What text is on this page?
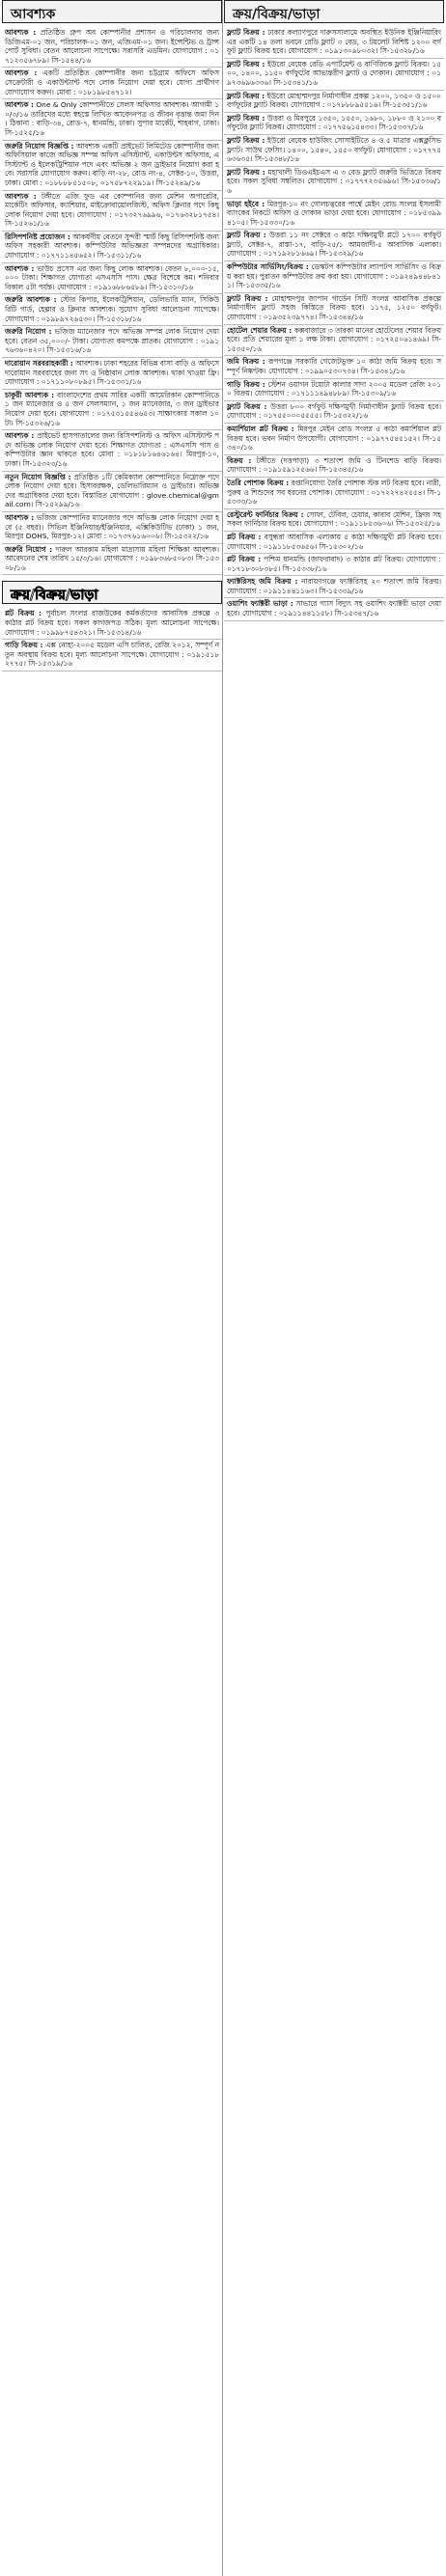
আবশ্যক
আবশ্যক : প্রতিষ্ঠিত গ্রুপ অব কোম্পানীর প্রশাসন ও পরিচালনার জন্য ডিজিএম-০১ জন, পরিচালক-০১ জন, এজিএম-০১ জন। ইন্সেন্টিভ ও ট্রান্সপোর্ট সুবিধা। বেতন আলোচনা সাপেক্ষে। সরাসরি এডমিন। যোগাযোগ : ০১৭১২৩৫৬৭৮৯। সি-১৫৪৪/১৬
আবশ্যক : একটি প্রতিষ্ঠিত কোম্পানীর জন্য চট্টগ্রাম অফিসে অফিস সেক্রেটারী ও একাউন্ট্যান্ট পদে লোক নিয়োগ দেয়া হবে। যোগ্য প্রার্থীগণ যোগাযোগ করুন। মোবা : ০১৮১৯৮৫৪৭১২।
আবশ্যক : One & Only কোম্পানীতে সেলস অফিসার আবশ্যক। আগামী ১০/৩/১৬ তারিখের মধ্যে স্বহস্তে লিখিত আবেদনপত্র ও জীবন বৃত্তান্ত জমা দিন। ঠিকানা : বাড়ি-৩৪, রোড-৭, ধানমন্ডি, ঢাকা। সুপার মার্কেট, শাহবাগ, ঢাকা। সি-১৫২৫/১৬
জরুরি নিয়োগ বিজ্ঞপ্তি : আবশ্যক একটি প্রাইভেট লিমিটেড কোম্পানীর জন্য অফিসিয়াল কাজে অভিজ্ঞ সম্পন্ন অফিস এসিস্ট্যান্ট, একাউন্টস অফিসার, এসিস্ট্যান্ট ও ইলেকট্রিশিয়ান পদে এবং অভিজ্ঞ ২ জন ড্রাইভার নিয়োগ করা হবে। সরাসরি যোগাযোগ করুন। বাড়ি নং-২৮, রোড নং-৪, সেক্টর-১০, উত্তরা, ঢাকা। মোবা : ০১৮৮৮৮৫১৫০৮, ০১৭৫৮৭২২৯১৯। সি-১৫২৪৯/১৬
আবশ্যক : টঙ্গীতে এজি ফুড এর কোম্পানির জন্য মেশিন অপারেটর, মার্কেটিং অফিসার, ক্যাশিয়ার, মাইক্রোবায়োলজিস্ট, অফিস ক্লিনার পদে কিছু লোক নিয়োগ দেয়া হবে। যোগাযোগ : ০১৭৩২৭৬৯৯৬, ০১৭৬৩২৮১৭৫৪। সি-১৫২৬১/১৬
রিসিপশনিষ্ট প্রয়োজন : আকর্ষণীয় বেতনে সুন্দরী স্মার্ট কিছু রিসিপশনিষ্ট জন্য অফিস সহকারী আবশ্যক। কম্পিউটার অভিজ্ঞতা সম্পন্নদের অগ্রাধিকার। যোগাযোগ : ০১৭৭১১৪৫৬৫২। সি-১৫৩১১/১৬
আবশ্যক : ভাউচ প্রসেস এর জন্য কিছু লোক আবশ্যক। বেতন ৮,০০০-১৫,০০০ টাকা। শিক্ষাগত যোগ্যতা এসএসসি পাস। ক্ষেত্র বিশেষে কম। শনিবার বিকাল ৫টা পর্যন্ত। যোগাযোগ : ০১৯১৬৮৮৬৫৮৯। সি-১৫৩১০/১৬
জরুরি আবশ্যক : স্টোর কিপার, ইলেকট্রিশিয়ান, ডেলিভারি ম্যান, সিকিউরিটি গার্ড, হেল্পার ও ক্লিনার আবশ্যক। সুযোগ সুবিধা আলোচনা সাপেক্ষে। যোগাযোগ : ০১৯৮৯৭২৬৫৩০। সি-১৫৩১৮/১৬
জরুরি নিয়োগ : ভজিজ ম্যানেজার পদে অভিজ্ঞ সম্পন্ন লোক নিয়োগ দেয়া হবে। বেতন ৩৫,০০০/- টাকা। যোগ্যতা কমপক্ষে স্নাতক। যোগাযোগ : ০১৯১৭৬৩৬০৪২০। সি-১৫৩১৬/১৬
দারোয়ান সরবরাহকারী : আবশ্যক। ঢাকা শহরের বিভিন্ন বাসা বাড়ি ও অফিসে দারোয়ান সরবরাহের জন্য সৎ ও নিষ্ঠাবান লোক আবশ্যক। থাকা খাওয়া ফ্রি। যোগাযোগ : ০১৭১১০৮০৮৯৫। সি-১৫৩৩১/১৬
চাকুরী আবশ্যক : বাংলাদেশের প্রথম সারির একটি আমেরিকান কোম্পানিতে ১ জন ম্যানেজার ও ৫ জন সেলসম্যান, ১ জন ম্যানেজার, ৩ জন ড্রাইভার নিয়োগ দেয়া হবে। যোগাযোগ : ০১৭৫৩১৫৫৪৬৫৩। সাক্ষাৎকার সকাল ১০টা। সি-১৫৩২৬/১৬
আবশ্যক : প্রাইভেট হাসপাতালের জন্য রিসিপশনিস্ট ও অফিস এসিস্ট্যান্ট পদে অভিজ্ঞ লোক নিয়োগ দেয়া হবে। শিক্ষাগত যোগ্যতা : এসএসসি পাস ও কম্পিউটার জ্ঞান থাকতে হবে। মোবা : ০১৮১৮১৬৪৬১৬৪। মিরপুর-১০, ঢাকা। সি-১৫৩২৩/১৬
নতুন নিয়োগ বিজ্ঞপ্তি : প্রতিষ্ঠিত ১টি কেমিক্যাল কোম্পানিতে নিম্নোক্ত পদে লোক নিয়োগ দেয়া হবে। হিসাবরক্ষক, ডেলিভারিম্যান ও ড্রাইভার। অভিজ্ঞদের অগ্রাধিকার দেয়া হবে। বিস্তারিত যোগাযোগ : glove.chemical@gmail.com। সি-১৫২৯৯/১৬
আবশ্যক : ভজিজ কোম্পানির ম্যানেজার পদে অভিজ্ঞ লোক নিয়োগ দেয়া হবে (৫ বছর)। সিভিল ইঞ্জিনিয়ার/ইঞ্জিনিয়ার, এক্সিকিউটিভ (ঢাকা) ১ জন, মিরপুর DOHS, মিরপুর-১২। মোবা : ০১৭৩৭৬১৬০০৬। সি-১৫৩২২/১৬
জরুরি নিয়োগ : দারুল আরকাম মহিলা মাদ্রাসায় মহিলা শিক্ষিকা আবশ্যক। আবেদনের শেষ তারিখ ১৫/৩/১৬। যোগাযোগ : ০১৯৮৩৬৮৫০৮৩। সি-১৫৩০৮/১৬
ক্রয়/বিক্রয়/ভাড়া
প্লট বিক্রয় : পূর্বাচল সংলগ্ন রাজউকের কর্মকর্তাদের আবাসিক প্রকল্পে ৩ কাঠার প্লট বিক্রয় হবে। সকল কাগজপত্র সঠিক। মূল্য আলোচনা সাপেক্ষে। যোগাযোগ : ০১৯৯৮৭৫৪৩২১। সি-১৫৩১৪/১৬
গাড়ি বিক্রয় : এক্স নোহা-২০০৫ মডেল এসি চালিত, রেজি ২০১২, সম্পূর্ণ নতুন অবস্থায় বিক্রয় হবে। মূল্য আলোচনা সাপেক্ষে। যোগাযোগ : ০১৯১৫১৮২৭৭৫। সি-১৫৩১৯/১৬
ক্রয়/বিক্রয়/ভাড়া
ফ্ল্যাট বিক্রয় : ঢাকার কল্যাণপুরে দারুসসালামে অবস্থিত ইউনিক ইঞ্জিনিয়ারিং এর একটি ১৪ তলা ভবনে রেডি ফ্ল্যাট ৩ বেড, ৩ টয়লেট বিশিষ্ট ১২০০ বর্গফুট ফ্ল্যাট বিক্রয় হবে। যোগাযোগ : ০১৯১৩০৯৮০৩২। সি-১৫৩২৮/১৬
ফ্ল্যাট বিক্রয় : ইউরো বেয়েক রেডি এপার্টমেন্ট ও বাণিজ্যিক ফ্ল্যাট বিক্রয়। ১৫০০, ১৪০০, ১১৫০ বর্গফুটের আভ্যন্তরীণ ফ্ল্যাট ও দোকান। যোগাযোগ : ০১৯৭৩৬৯৬৩৩৬। সি-১৫৩৪১/১৬
ফ্ল্যাট বিক্রয় : ইউরো মোহাম্মদপুর নির্মাণাধীন প্রকল্প ১২০০, ১৩৫০ ও ১৫০০ বর্গফুটের ফ্ল্যাট বিক্রয়। যোগাযোগ : ০১৭৮৮৮৯৫৫১৬। সি-১৫৩৫১/১৬
ফ্ল্যাট বিক্রয় : উত্তরা ও মিরপুরে ১৩৫০, ১৫৫০, ১৬৮০, ১৮৮০ ও ২১০০ বর্গফুটের ফ্ল্যাট বিক্রয়। যোগাযোগ : ০১৭৭৫৬১৫৪৩৩। সি-১৫৩৩৭/১৬
ফ্ল্যাট বিক্রয় : ইউরো বেয়েক হাউজিং সোসাইটিতে ৪ ও ৫ মাত্রার এক্সক্লুসিভ ফ্ল্যাট। সাউথ ফেসিং। ১৪০০, ১৫৪০, ১৫৫০ বর্গফুট। যোগাযোগ : ০১৭৭৭৫৬৩৬৩৫। সি-১৫৩৪৮/১৬
ফ্ল্যাট বিক্রয় : মহাখালী ডিওএইচএস এ ৩ বেড ফ্ল্যাট জরুরি ভিত্তিতে বিক্রয় হবে। সকল সুবিধা সম্বলিত। যোগাযোগ : ০১৭৭৭২৩৫৬৯৬। সি-১৫৩৩৬/১৬
ভাড়া হইবে : মিরপুর-১০ নং গোলচত্বরের পার্শ্বে মেইন রোড সংলগ্ন ইসলামী ব্যাংকের নিকটে অফিস ও দোকান ভাড়া দেয়া হবে। যোগাযোগ : ০১৮৫৩৯৯৪১০৫। সি-১৫৩৩০/১৬
ফ্ল্যাট বিক্রয় : উত্তরা ১১ নং সেক্টরে ৩ কাঠা দক্ষিণমুখী প্লটে ১৭০০ বর্গফুট ফ্ল্যাট, সেক্টর-৭, রাস্তা-১৭, বাড়ি-২৫/১ আমজাদী-৫ আবাসিক এলাকা। যোগাযোগ : ০১৭১৯২৮১৬৬৯। সি-১৫৩২৯/১৬
কম্পিউটার সার্ভিসিং/বিক্রয় : ডেস্কটপ কম্পিউটার ল্যাপটপ সার্ভিসিং ও বিক্রয় করা হয়। পুরাতন কম্পিউটার ক্রয় করা হয়। যোগাযোগ : ০১৯২৪৯৪৪৮৪১১। সি-১৫৩৩৫/১৬
ফ্ল্যাট বিক্রয় : মোহাম্মদপুর জাপান গার্ডেন সিটি সংলগ্ন আবাসিক প্রকল্পে নির্মাণাধীন ফ্ল্যাট সহজ কিস্তিতে বিক্রয় হবে। ১১৭৫, ১২৫০ বর্গফুট। যোগাযোগ : ০১৯৩৫২৩৯৭৭৪। সি-১৫৩৪৪/১৬
হোটেল শেয়ার বিক্রয় : কক্সবাজারে ৩ তারকা মানের হোটেলের শেয়ার বিক্রয় হবে। প্রতি শেয়ারের মূল্য ১ লক্ষ টাকা। যোগাযোগ : ০১৭২৫০৬১৪৬৯। সি-১৫৩৫০/১৬
জমি বিক্রয় : রূপগঞ্জে সরকারি গেজেটভুক্ত ১০ কাঠা জমি বিক্রয় হবে। সম্পূর্ণ নিষ্কণ্টক। যোগাযোগ : ০১৯৯০৫৩০৭৩৪। সি-১৫৩৪১/১৬
গাড়ি বিক্রয় : স্টেশন ওয়াগন টয়োটা কালার সাদা ২০০৫ মডেল রেজি ২০১০ বিক্রয়। যোগাযোগ : ০১৭১১১৪৯৪৮৮৯। সি-১৫৩০৯/১৬
ফ্ল্যাট বিক্রয় : উত্তরা ৮০০ বর্গফুট দক্ষিণমুখী নির্মাণাধীন ফ্ল্যাট বিক্রয় হবে। যোগাযোগ : ০১৭৫৫০০০৫৫৫৫। সি-১৫৩২২/১৬
কমার্শিয়াল প্লট বিক্রয় : মিরপুর মেইন রোড সংলগ্ন ৫ কাঠা কমার্শিয়াল প্লট বিক্রয় হবে। ভবন নির্মাণ উপযোগী। যোগাযোগ : ০১৯৭৭৫৪৫১৫২। সি-১৫৩৪০/১৬
বিক্রয় : টঙ্গীতে (দত্তপাড়া) ৩ শতাংশ জমি ও টিনশেড বাড়ি বিক্রয়। যোগাযোগ : ০১৯১৫৯১২৫৬৬। সি-১৫৩৪৫/১৬
তৈরি পোশাক বিক্রয় : রপ্তানিযোগ্য তৈরি পোশাক স্টক লট বিক্রয় হবে। নারী, পুরুষ ও শিশুদের সব ধরনের পোশাক। যোগাযোগ : ০১৭২২৭৪২৫৫৪। সি-১৫৩৩৩/১৬
রেস্টুরেন্ট ফার্নিচার বিক্রয় : সোফা, টেবিল, চেয়ার, কাবাব মেশিন, ফ্রিজ সহ সকল ফার্নিচার বিক্রয় হবে। যোগাযোগ : ০১৯১১৮৫৩৬০৬। সি-১৫৩২৫/১৬
প্লট বিক্রয় : বসুন্ধরা আবাসিক এলাকায় ৫ কাঠা দক্ষিণমুখী প্লট বিক্রয় হবে। যোগাযোগ : ০১৯১১৮৫৩৬৫৬। সি-১৫৩০২/১৬
প্লট বিক্রয় : পশ্চিম ধানমন্ডি (জাফরাবাদ) ৩ কাঠার প্লট বিক্রয়। যোগাযোগ : ০১৭১৮৩০৮৩৮৫। সি-১৫৩৩৮/১৬
ফ্যাক্টরিসহ জমি বিক্রয় : নারায়ণগঞ্জে ফ্যাক্টরিসহ ২০ শতাংশ জমি বিক্রয়। যোগাযোগ : ০১৯১১৪৪১১৬৩। সি-১৫৩৩৯/১৬
ওয়াশিং ফ্যাক্টরী ভাড়া : সাভারে গ্যাস বিদ্যুৎ সহ ওয়াশিং ফ্যাক্টরী ভাড়া দেয়া হবে। যোগাযোগ : ০১৯১১৪৪১১৫৮। সি-১৫৩৪৭/১৬
